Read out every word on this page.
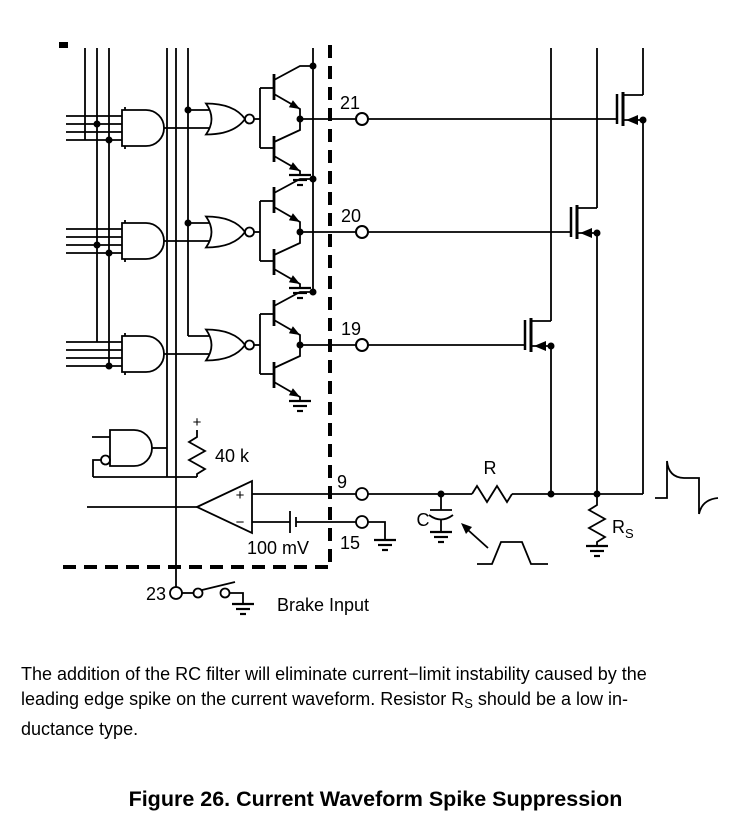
21
20
19
9
15
23
+
40 k
+
−
100 mV
R
C	R S
Brake Input
The addition of the RC filter will eliminate current−limit instability caused by the
leading edge spike on the current waveform. Resistor $R_S$ should be a low in-
ductance type.
Figure 26. Current Waveform Spike Suppression
